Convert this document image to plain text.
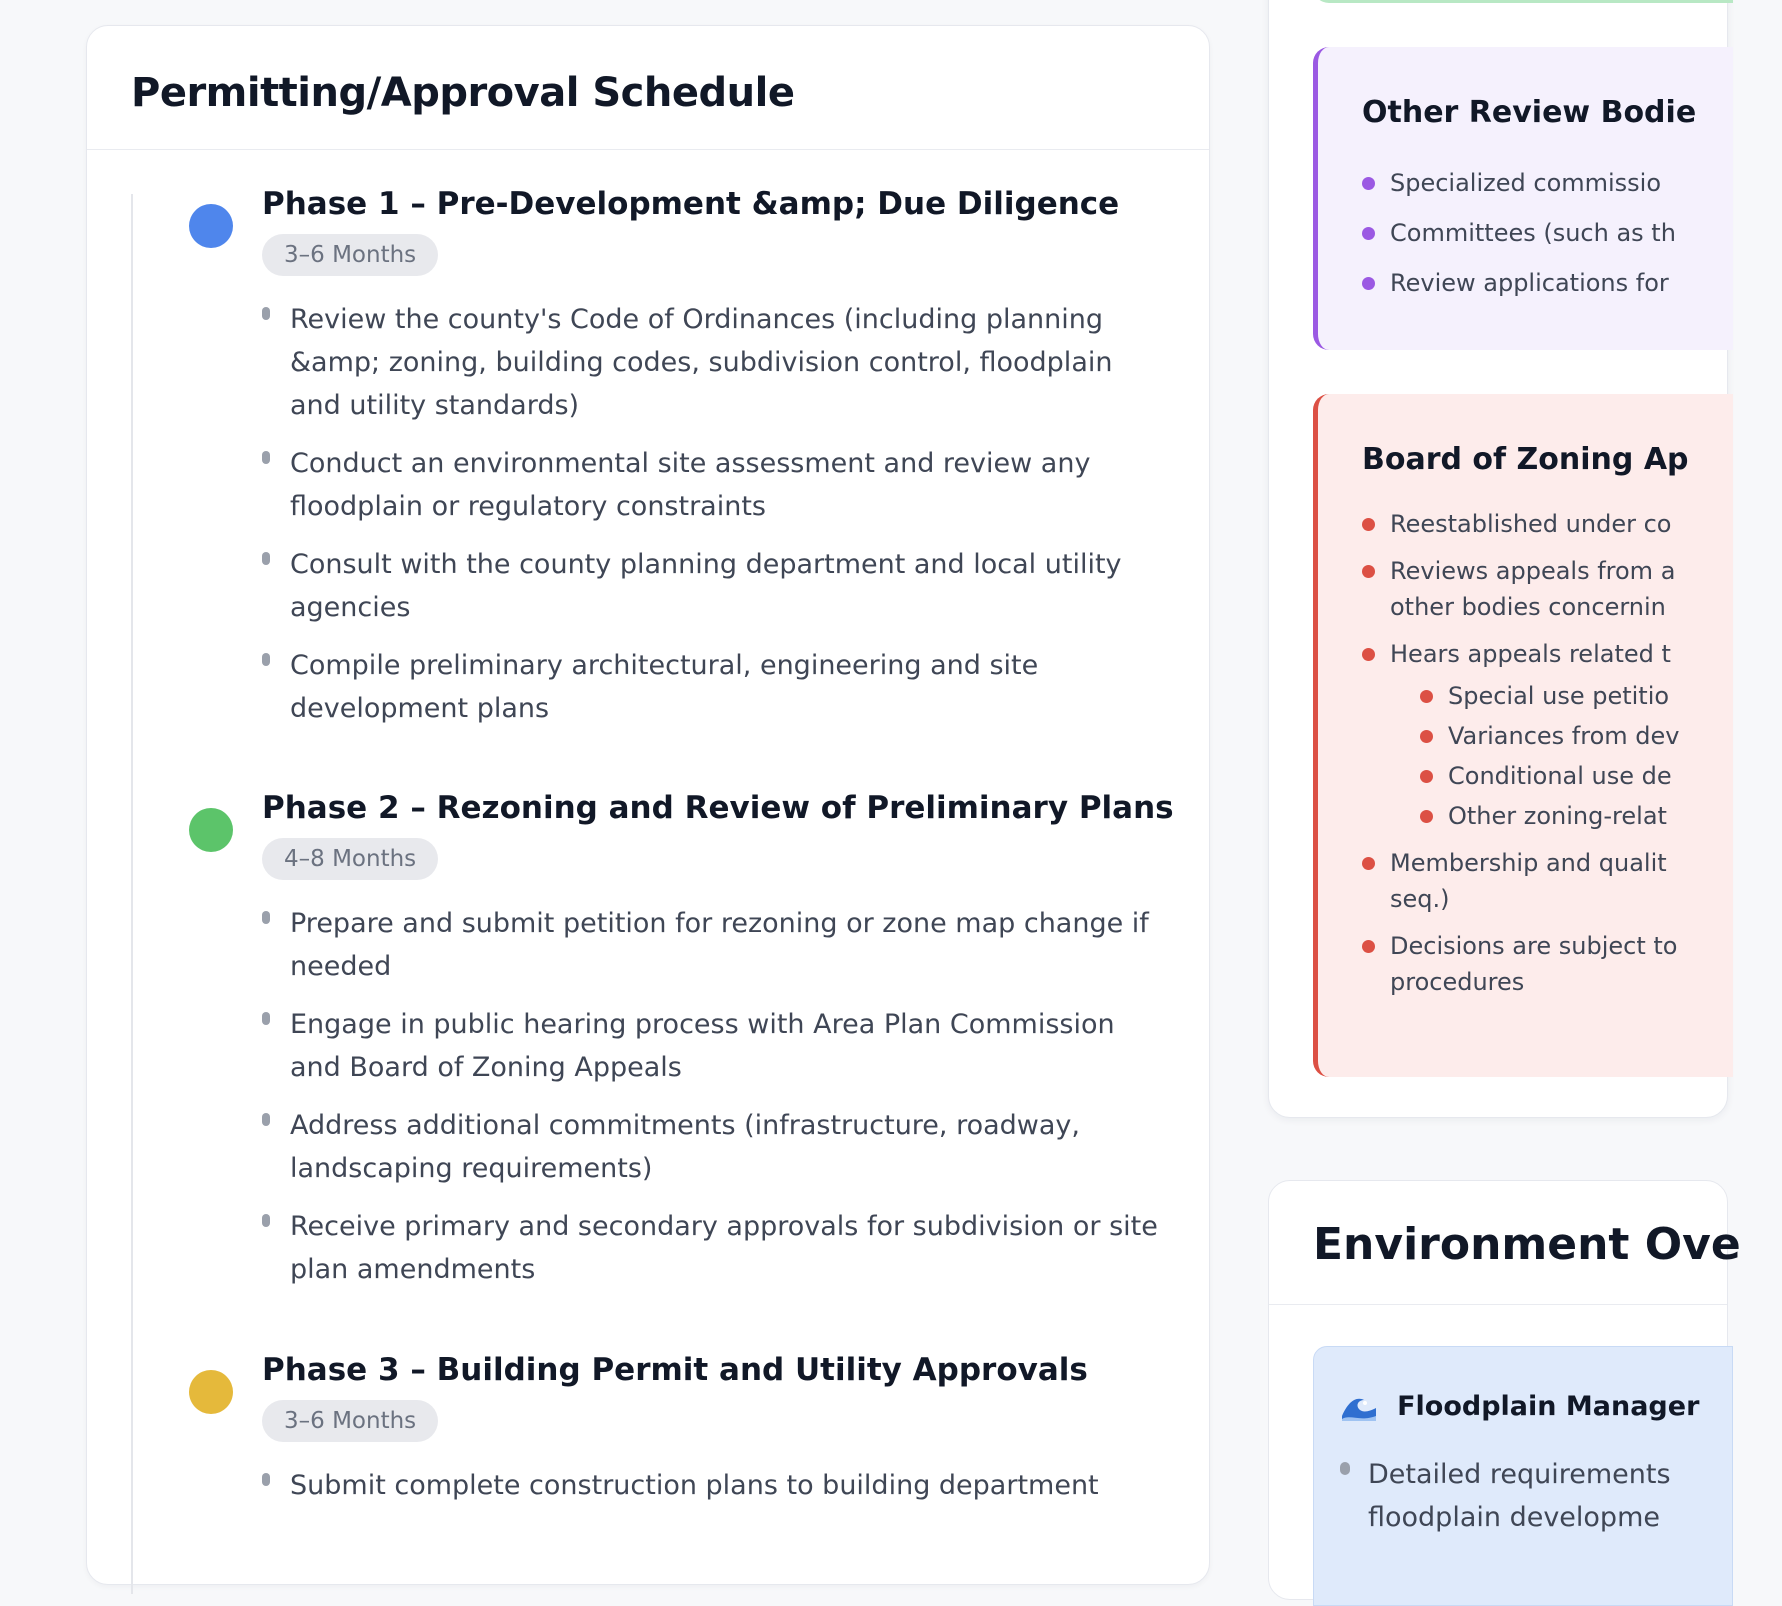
Permitting/Approval Schedule
Phase 1 – Pre-Development &amp; Due Diligence
3–6 Months
Review the county's Code of Ordinances (including planning &amp; zoning, building codes, subdivision control, floodplain and utility standards)
Conduct an environmental site assessment and review any floodplain or regulatory constraints
Consult with the county planning department and local utility agencies
Compile preliminary architectural, engineering and site development plans
Phase 2 – Rezoning and Review of Preliminary Plans
4–8 Months
Prepare and submit petition for rezoning or zone map change if needed
Engage in public hearing process with Area Plan Commission and Board of Zoning Appeals
Address additional commitments (infrastructure, roadway, landscaping requirements)
Receive primary and secondary approvals for subdivision or site plan amendments
Phase 3 – Building Permit and Utility Approvals
3–6 Months
Submit complete construction plans to building department
Other Review Bodie
Specialized commissio
Committees (such as th
Review applications for
Board of Zoning Ap
Reestablished under co
Reviews appeals from a
other bodies concernin
Hears appeals related t
Special use petitio
Variances from dev
Conditional use de
Other zoning-relat
Membership and qualit
seq.)
Decisions are subject to
procedures
Environment Ove
Floodplain Manager
Detailed requirements
floodplain developme
